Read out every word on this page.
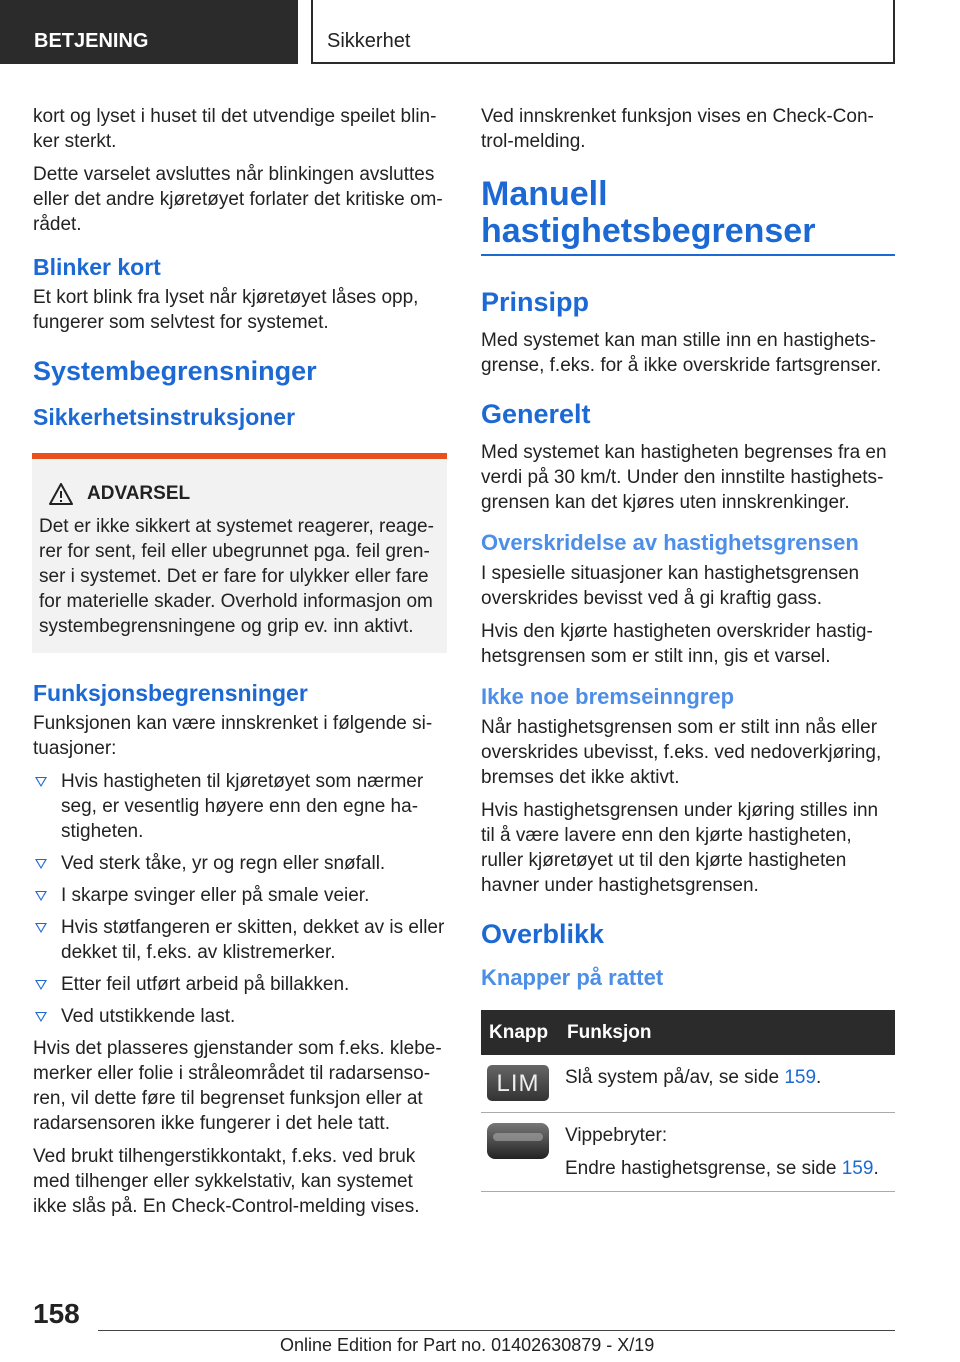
BETJENING	Sikkerhet

kort og lyset i huset til det utvendige speilet blinker sterkt.

Dette varselet avsluttes når blinkingen avsluttes eller det andre kjøretøyet forlater det kritiske området.

Blinker kort

Et kort blink fra lyset når kjøretøyet låses opp, fungerer som selvtest for systemet.

Systembegrensninger
Sikkerhetsinstruksjoner
ADVARSEL

Det er ikke sikkert at systemet reagerer, reagerer for sent, feil eller ubegrunnet pga. feil grenser i systemet. Det er fare for ulykker eller fare for materielle skader. Overhold informasjon om systembegrensningene og grip ev. inn aktivt.

Funksjonsbegrensninger

Funksjonen kan være innskrenket i følgende situasjoner:

Hvis hastigheten til kjøretøyet som nærmer seg, er vesentlig høyere enn den egne hastigheten.
Ved sterk tåke, yr og regn eller snøfall.
I skarpe svinger eller på smale veier.
Hvis støtfangeren er skitten, dekket av is eller dekket til, f.eks. av klistremerker.
Etter feil utført arbeid på billakken.
Ved utstikkende last.

Hvis det plasseres gjenstander som f.eks. klebemerker eller folie i stråleområdet til radarsensoren, vil dette føre til begrenset funksjon eller at radarsensoren ikke fungerer i det hele tatt.

Ved brukt tilhengerstikkontakt, f.eks. ved bruk med tilhenger eller sykkelstativ, kan systemet ikke slås på. En Check-Control-melding vises.

Ved innskrenket funksjon vises en Check-Control-melding.

Manuell hastighetsbegrenser
Prinsipp

Med systemet kan man stille inn en hastighetsgrense, f.eks. for å ikke overskride fartsgrenser.

Generelt

Med systemet kan hastigheten begrenses fra en verdi på 30 km/t. Under den innstilte hastighetsgrensen kan det kjøres uten innskrenkinger.

Overskridelse av hastighetsgrensen

I spesielle situasjoner kan hastighetsgrensen overskrides bevisst ved å gi kraftig gass.

Hvis den kjørte hastigheten overskrider hastighetsgrensen som er stilt inn, gis et varsel.

Ikke noe bremseinngrep

Når hastighetsgrensen som er stilt inn nås eller overskrides ubevisst, f.eks. ved nedoverkjøring, bremses det ikke aktivt.

Hvis hastighetsgrensen under kjøring stilles inn til å være lavere enn den kjørte hastigheten, ruller kjøretøyet ut til den kjørte hastigheten havner under hastighetsgrensen.

Overblikk
Knapper på rattet
Knapp	Funksjon

LIM	Slå system på/av, se side 159.

	Vippebryter:

Endre hastighetsgrense, se side 159.
158
Online Edition for Part no. 01402630879 - X/19
